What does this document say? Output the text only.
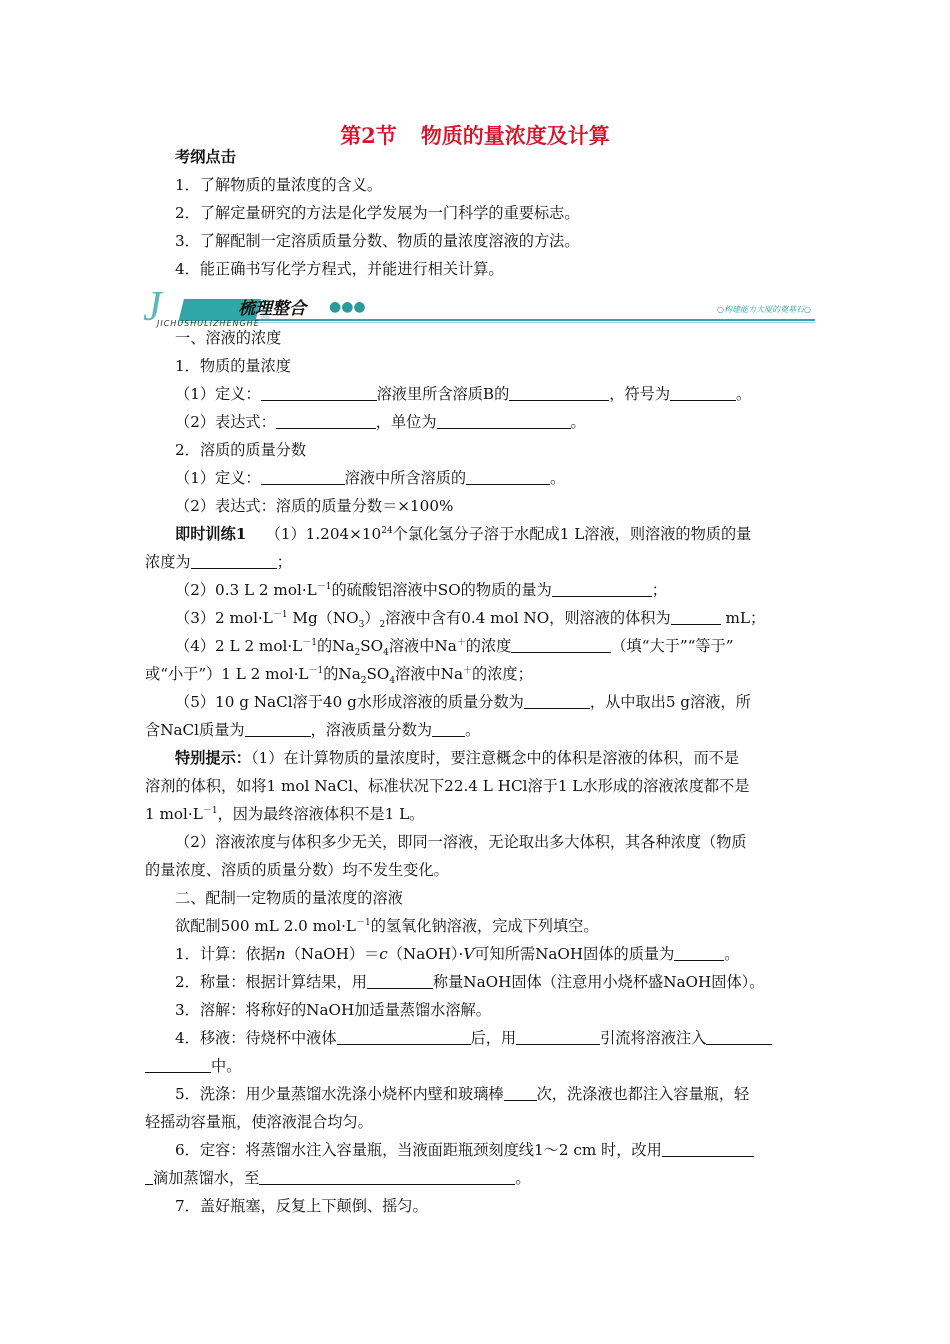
第2节 物质的量浓度及计算
考纲点击
1．了解物质的量浓度的含义。
2．了解定量研究的方法是化学发展为一门科学的重要标志。
3．了解配制一定溶质质量分数、物质的量浓度溶液的方法。
4．能正确书写化学方程式，并能进行相关计算。
J	梳理整合 ●●●
JICHUSHULIZHENGHE
○构建能力大厦的奠基石○
一、溶液的浓度
1．物质的量浓度
（1）定义：	溶液里所含溶质B的	，符号为	。
（2）表达式：	，单位为	。
2．溶质的质量分数
（1）定义：	溶液中所含溶质的	。
（2）表达式：溶质的质量分数＝×100%
即时训练1 $(1)1.204\times 10^{24}$个氯化氢分子溶于水配成1 L溶液，则溶液的物质的量
浓度为	；
（2）0.3 L 2 $mol\cdot L^{-1}$的硫酸铝溶液中SO的物质的量为	；
（3）2 $mol\cdot L^{-1}$ $Mg(NO_3)_2$溶液中含有0.4 mol NO，则溶液的体积为	mL；
（4）2 L 2 $mol\cdot L^{-1}$的$Na_2SO_4$溶液中Na＋的浓度	（填“大于”“等于”
或“小于”）1 L 2 $mol\cdot L^{-1}$的$Na_2SO_4$溶液中Na＋的浓度；
（5）10 g NaCl溶于40 g水形成溶液的质量分数为	，从中取出5 g溶液，所
含NaCl质量为	，溶液质量分数为 。
特别提示：（1）在计算物质的量浓度时，要注意概念中的体积是溶液的体积，而不是
溶剂的体积，如将1 mol NaCl、标准状况下22.4 L HCl溶于1 L水形成的溶液浓度都不是
1 $mol\cdot L^{-1}$，因为最终溶液体积不是1 L。
（2）溶液浓度与体积多少无关，即同一溶液，无论取出多大体积，其各种浓度（物质
的量浓度、溶质的质量分数）均不发生变化。
二、配制一定物质的量浓度的溶液
欲配制500 mL 2.0 $mol\cdot L^{-1}$的氢氧化钠溶液，完成下列填空。
1．计算：依据n（NaOH）＝c（NaOH）·V可知所需NaOH固体的质量为	。
2．称量：根据计算结果，用	称量NaOH固体（注意用小烧杯盛NaOH固体）。
3．溶解：将称好的NaOH加适量蒸馏水溶解。
4．移液：待烧杯中液体	后，用	引流将溶液注入
中。
5．洗涤：用少量蒸馏水洗涤小烧杯内壁和玻璃棒 次，洗涤液也都注入容量瓶，轻
轻摇动容量瓶，使溶液混合均匀。
6．定容：将蒸馏水注入容量瓶，当液面距瓶颈刻度线1～2 cm 时，改用
滴加蒸馏水，至	。
7．盖好瓶塞，反复上下颠倒、摇匀。
